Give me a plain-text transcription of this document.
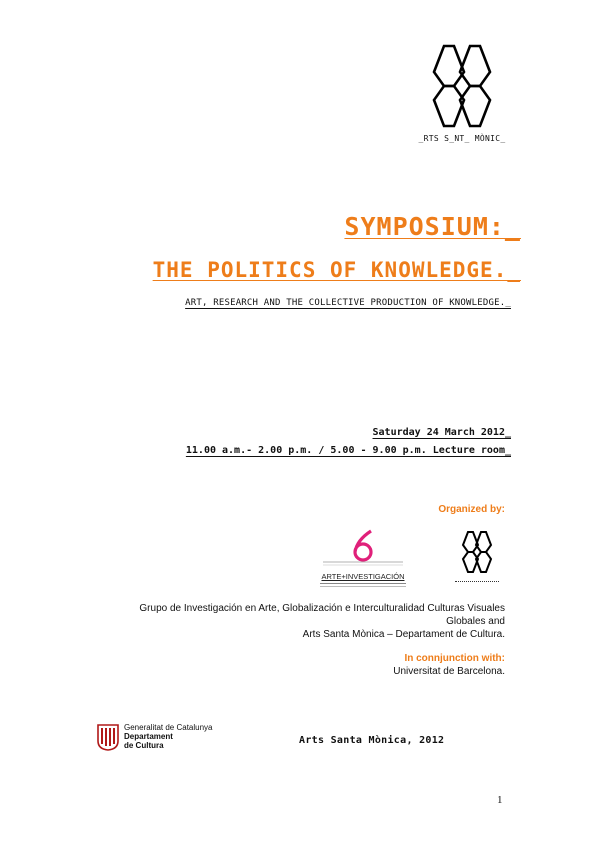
_RTS S_NT_ MÒNIC_
SYMPOSIUM:_
THE POLITICS OF KNOWLEDGE._
ART, RESEARCH AND THE COLLECTIVE PRODUCTION OF KNOWLEDGE._
Saturday 24 March 2012_
11.00 a.m.- 2.00 p.m. / 5.00 - 9.00 p.m. Lecture room_
Organized by:
ARTE+INVESTIGACIÓN
Grupo de Investigación en Arte, Globalización e Interculturalidad Culturas Visuales
Globales and
Arts Santa Mònica – Departament de Cultura.
In connjunction with:
Universitat de Barcelona.
Generalitat de Catalunya
Departament
de Cultura	Arts Santa Mònica, 2012
1
